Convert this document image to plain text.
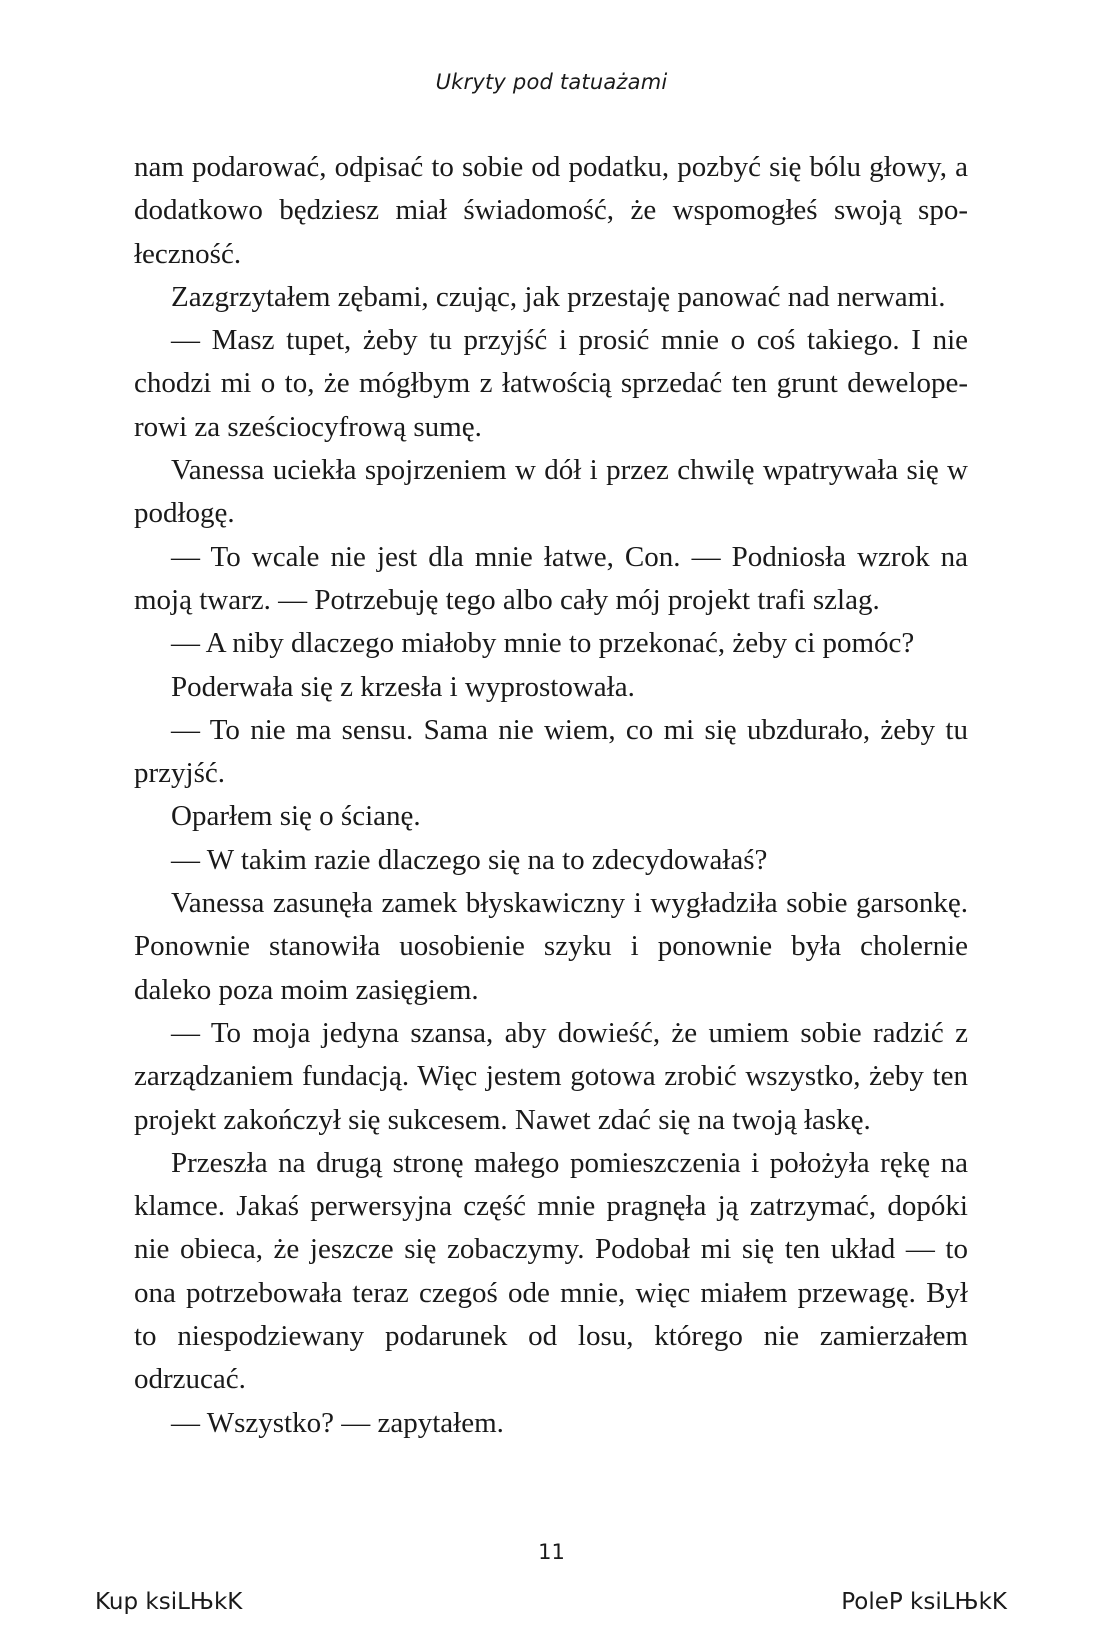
Ukryty pod tatuażami

nam podarować, odpisać to sobie od podatku, pozbyć się bólu głowy, a dodatkowo będziesz miał świadomość, że wspomogłeś swoją społeczność.

Zazgrzytałem zębami, czując, jak przestaję panować nad nerwami.

— Masz tupet, żeby tu przyjść i prosić mnie o coś takiego. I nie chodzi mi o to, że mógłbym z łatwością sprzedać ten grunt deweloperowi za sześciocyfrową sumę.

Vanessa uciekła spojrzeniem w dół i przez chwilę wpatrywała się w podłogę.

— To wcale nie jest dla mnie łatwe, Con. — Podniosła wzrok na moją twarz. — Potrzebuję tego albo cały mój projekt trafi szlag.

— A niby dlaczego miałoby mnie to przekonać, żeby ci pomóc?

Poderwała się z krzesła i wyprostowała.

— To nie ma sensu. Sama nie wiem, co mi się ubzdurało, żeby tu przyjść.

Oparłem się o ścianę.

— W takim razie dlaczego się na to zdecydowałaś?

Vanessa zasunęła zamek błyskawiczny i wygładziła sobie garsonkę. Ponownie stanowiła uosobienie szyku i ponownie była cholernie daleko poza moim zasięgiem.

— To moja jedyna szansa, aby dowieść, że umiem sobie radzić z zarządzaniem fundacją. Więc jestem gotowa zrobić wszystko, żeby ten projekt zakończył się sukcesem. Nawet zdać się na twoją łaskę.

Przeszła na drugą stronę małego pomieszczenia i położyła rękę na klamce. Jakaś perwersyjna część mnie pragnęła ją zatrzymać, dopóki nie obieca, że jeszcze się zobaczymy. Podobał mi się ten układ — to ona potrzebowała teraz czegoś ode mnie, więc miałem przewagę. Był to niespodziewany podarunek od losu, którego nie zamierzałem odrzucać.

— Wszystko? — zapytałem.

11
Kup ksiLЊkK	PoleP ksiLЊkK
